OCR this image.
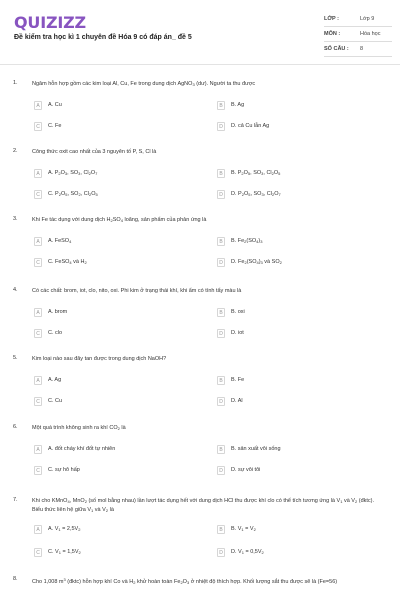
QUIZIZZ
Đề kiểm tra học kì 1 chuyên đề Hóa 9 có đáp án_ đề 5
LỚP :	Lớp 9
MÔN :	Hóa học
SỐ CÂU : 8
1.	Ngâm hỗn hợp gồm các kim loại Al, Cu, Fe trong dung dịch AgNO$_3$ (dư). Người ta thu được
A	A. Cu	B	B. Ag
C	C. Fe	D	D. cả Cu lẫn Ag
2.	Công thức oxit cao nhất của 3 nguyên tố P, S, Cl là
A	A. $P_2O_3$, $SO_3$, $Cl_2O_7$	B	B. $P_2O_5$, $SO_3$, $Cl_2O_5$
C	C. $P_2O_5$, $SO_2$, $Cl_2O_5$	D	D. $P_2O_5$, $SO_3$, $Cl_2O_7$
3.	Khi Fe tác dụng với dung dịch $H_2SO_4$ loãng, sản phẩm của phản ứng là
A	A. FeSO$_4$	B	B. $Fe_2(SO_4)_3$
C	C. FeSO$_4$ và $H_2$	D	D. $Fe_2(SO_4)_3$ và $SO_2$
4.	Có các chất: brom, iot, clo, nito, oxi. Phi kim ở trạng thái khí, khi ẩm có tính tẩy màu là
A	A. brom	B	B. oxi
C	C. clo	D	D. iot
5.	Kim loại nào sau đây tan được trong dung dịch NaOH?
A	A. Ag	B	B. Fe
C	C. Cu	D	D. Al
6.	Một quá trình không sinh ra khí $CO_2$ là
A	A. đốt cháy khí đốt tự nhiên	B	B. sản xuất vôi sống
C	C. sự hô hấp	D	D. sự vôi tôi
7.	Khi cho KMnO$_4$, MnO$_2$ (số mol bằng nhau) lần lượt tác dụng hết với dung dịch HCl thu được khí clo có thể tích tương ứng là $V_1$ và $V_2$ (đktc). Biểu thức liên hệ giữa $V_1$ và $V_2$ là
A	A. $V_1 = 2,5V_2$	B	B. $V_1 = V_2$
C	C. $V_1 = 1,5V_2$	D	D. $V_1 = 0,5V_2$
8.	Cho 1,008 $m^3$ (đktc) hỗn hợp khí Co và $H_2$ khử hoàn toàn $Fe_2O_3$ ở nhiệt độ thích hợp. Khối lượng sắt thu được sẽ là (Fe=56)
